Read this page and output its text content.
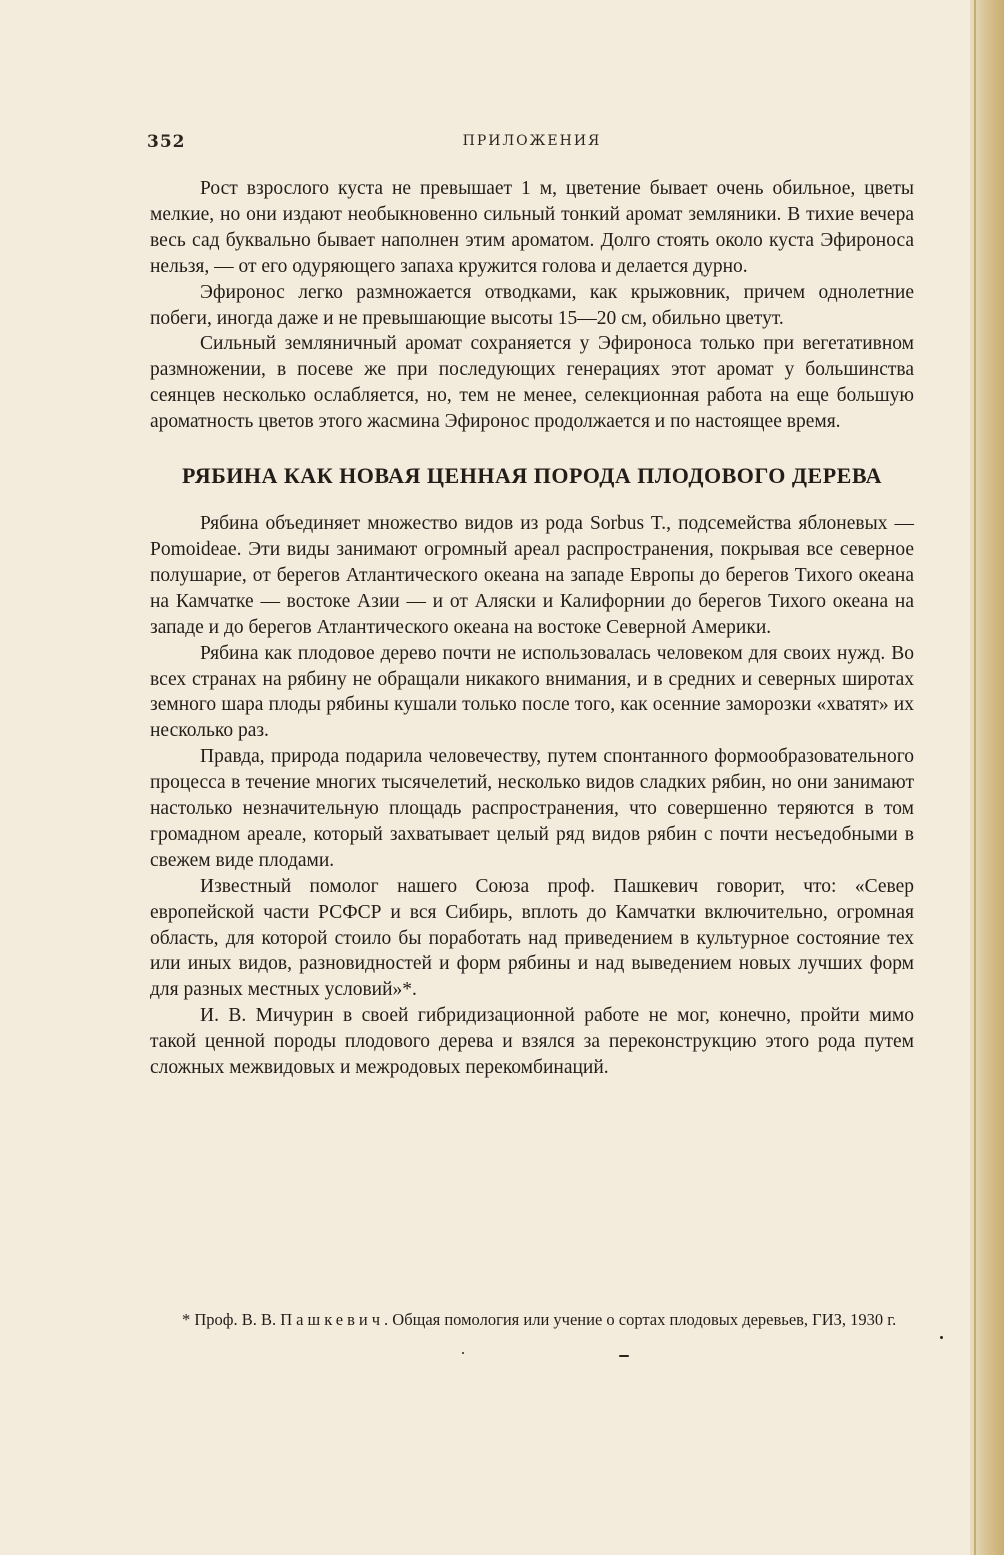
352	ПРИЛОЖЕНИЯ

Рост взрослого куста не превышает 1 м, цветение бывает очень обильное, цветы мелкие, но они издают необыкновенно сильный тонкий аромат земляники. В тихие вечера весь сад буквально бывает наполнен этим ароматом. Долго стоять около куста Эфироноса нельзя, — от его одуряющего запаха кружится голова и делается дурно.

Эфиронос легко размножается отводками, как крыжовник, причем однолетние побеги, иногда даже и не превышающие высоты 15—20 см, обильно цветут.

Сильный земляничный аромат сохраняется у Эфироноса только при вегетативном размножении, в посеве же при последующих генерациях этот аромат у большинства сеянцев несколько ослабляется, но, тем не менее, селекционная работа на еще большую ароматность цветов этого жасмина Эфиронос продолжается и по настоящее время.

РЯБИНА КАК НОВАЯ ЦЕННАЯ ПОРОДА ПЛОДОВОГО ДЕРЕВА

Рябина объединяет множество видов из рода Sorbus T., подсемейства яблоневых — Pomoideae. Эти виды занимают огромный ареал распространения, покрывая все северное полушарие, от берегов Атлантического океана на западе Европы до берегов Тихого океана на Камчатке — востоке Азии — и от Аляски и Калифорнии до берегов Тихого океана на западе и до берегов Атлантического океана на востоке Северной Америки.

Рябина как плодовое дерево почти не использовалась человеком для своих нужд. Во всех странах на рябину не обращали никакого внимания, и в средних и северных широтах земного шара плоды рябины кушали только после того, как осенние заморозки «хватят» их несколько раз.

Правда, природа подарила человечеству, путем спонтанного формообразовательного процесса в течение многих тысячелетий, несколько видов сладких рябин, но они занимают настолько незначительную площадь распространения, что совершенно теряются в том громадном ареале, который захватывает целый ряд видов рябин с почти несъедобными в свежем виде плодами.

Известный помолог нашего Союза проф. Пашкевич говорит, что: «Север европейской части РСФСР и вся Сибирь, вплоть до Камчатки включительно, огромная область, для которой стоило бы поработать над приведением в культурное состояние тех или иных видов, разновидностей и форм рябины и над выведением новых лучших форм для разных местных условий»*.

И. В. Мичурин в своей гибридизационной работе не мог, конечно, пройти мимо такой ценной породы плодового дерева и взялся за переконструкцию этого рода путем сложных межвидовых и межродовых перекомбинаций.

* Проф. В. В. Пашкевич. Общая помология или учение о сортах плодовых деревьев, ГИЗ, 1930 г.
